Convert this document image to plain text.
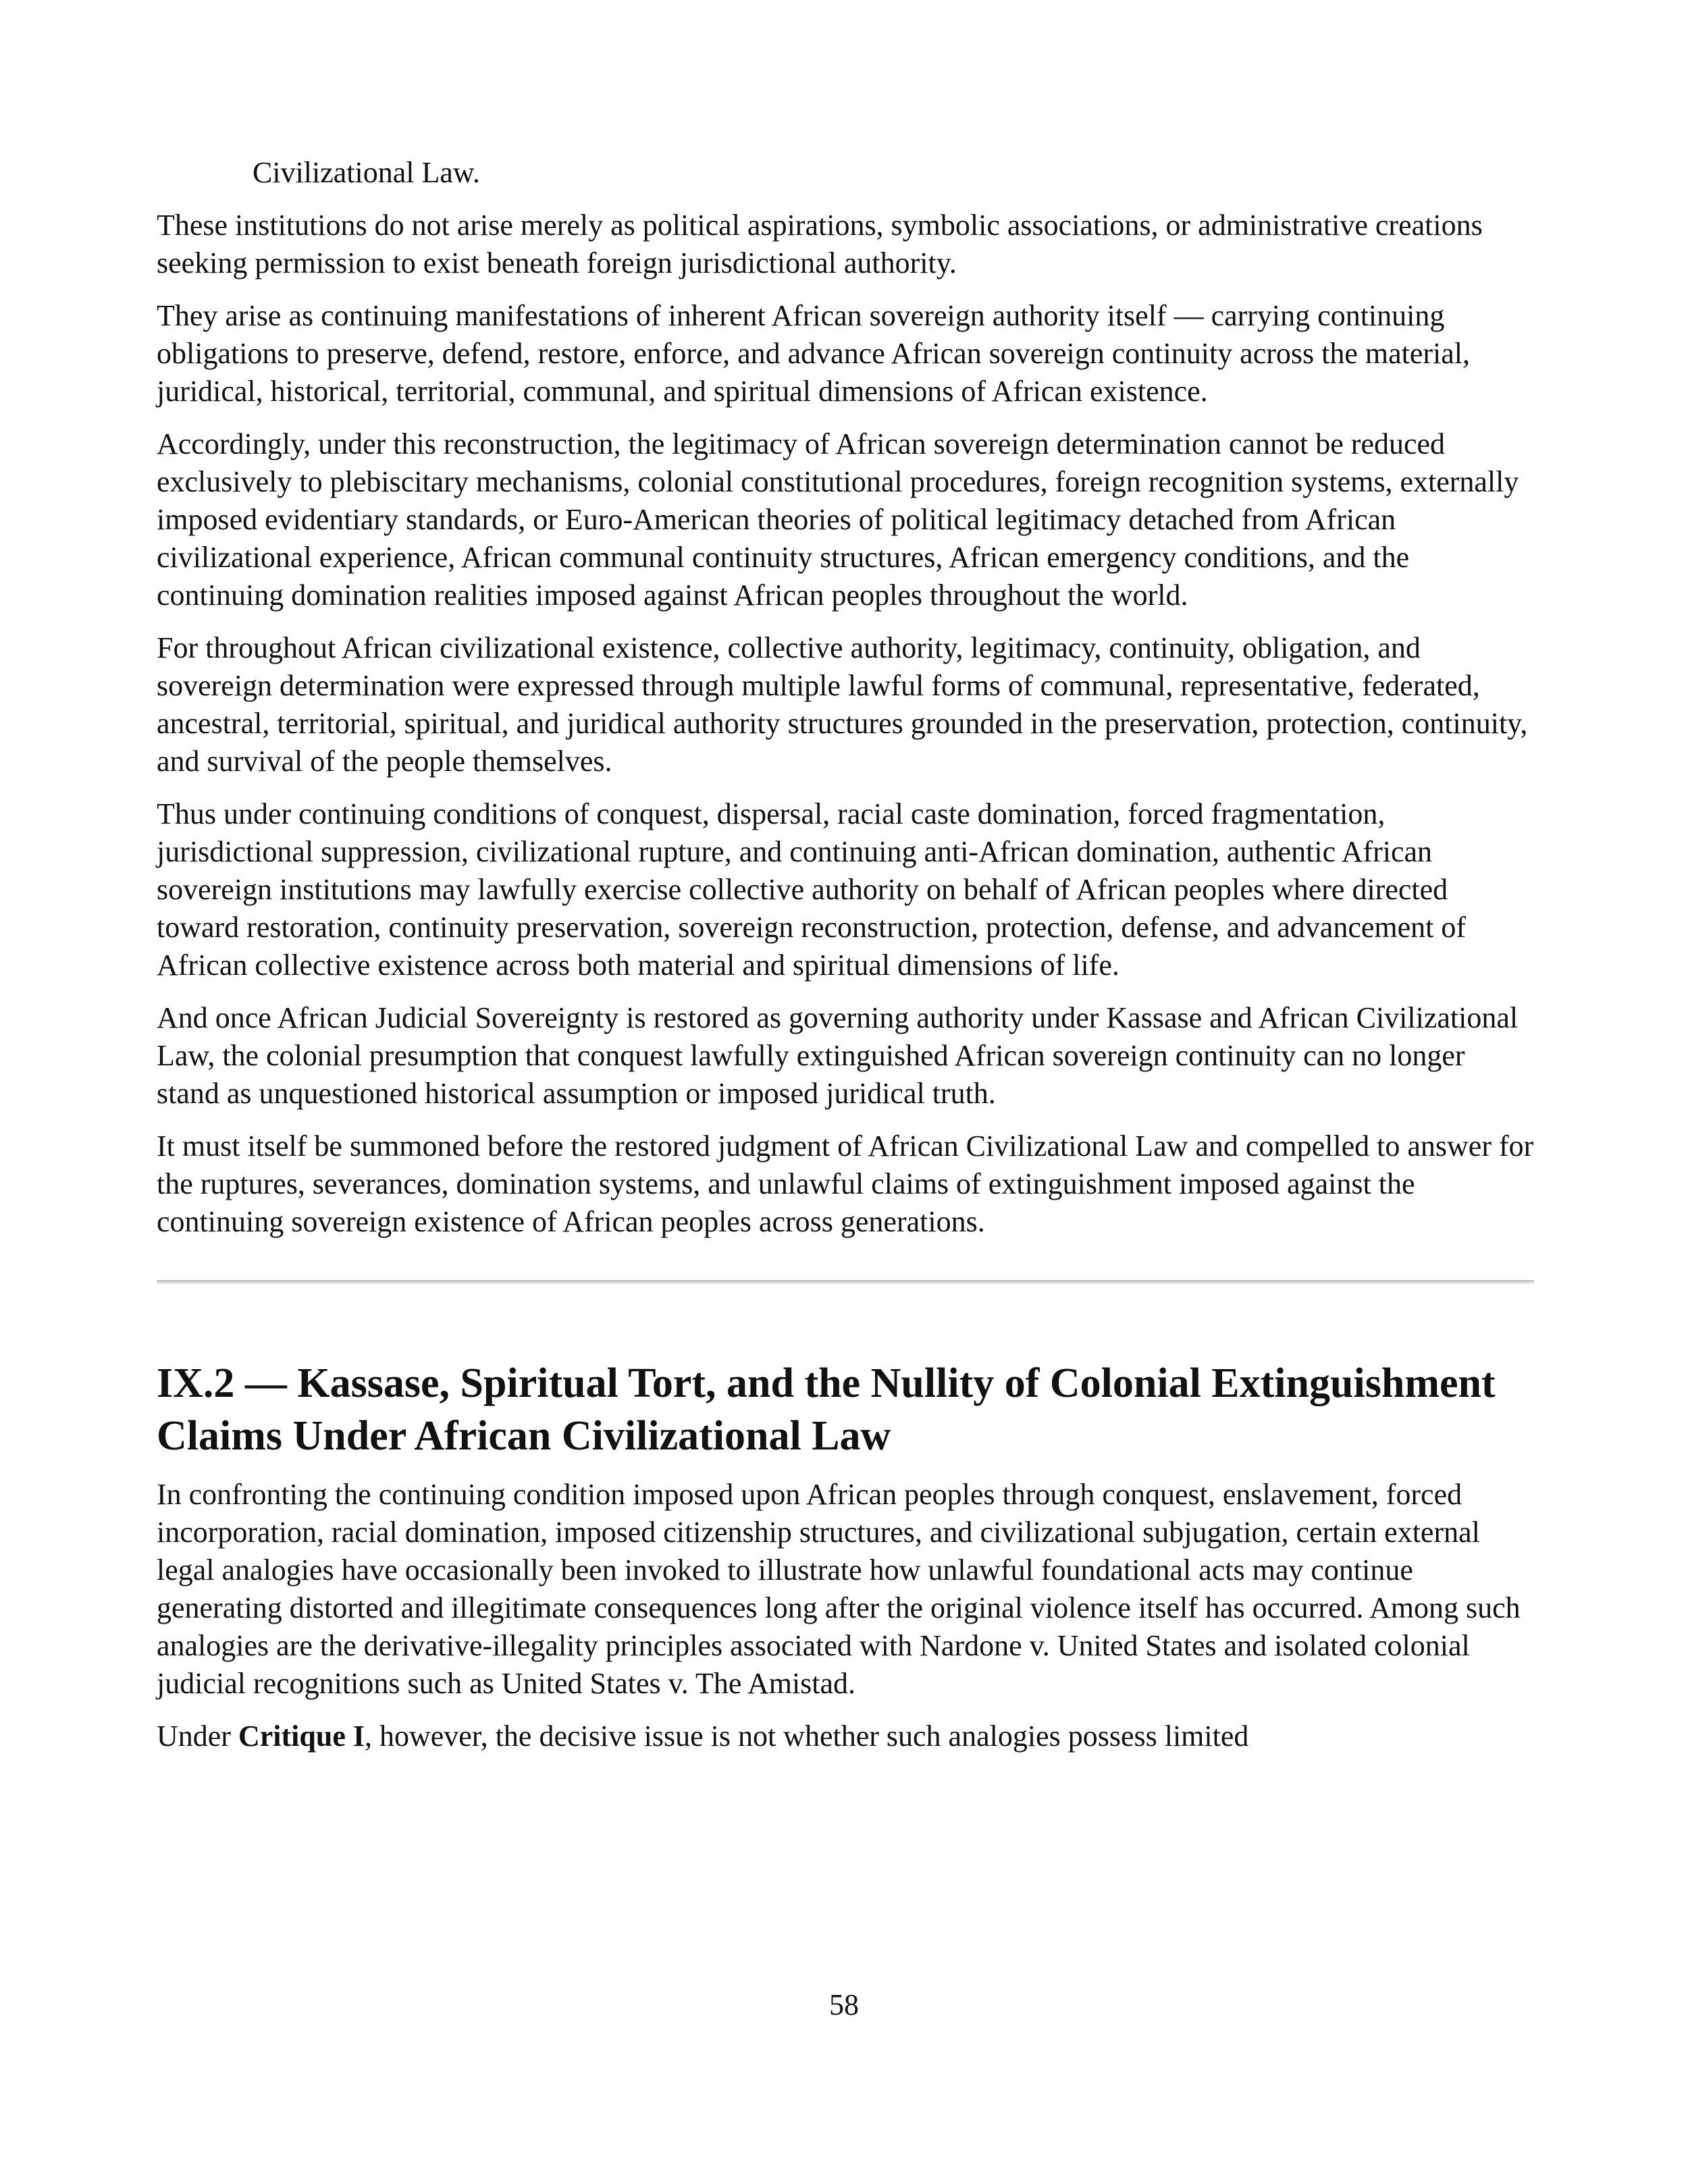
Civilizational Law.

These institutions do not arise merely as political aspirations, symbolic associations, or administrative creations seeking permission to exist beneath foreign jurisdictional authority.

They arise as continuing manifestations of inherent African sovereign authority itself — carrying continuing obligations to preserve, defend, restore, enforce, and advance African sovereign continuity across the material, juridical, historical, territorial, communal, and spiritual dimensions of African existence.

Accordingly, under this reconstruction, the legitimacy of African sovereign determination cannot be reduced exclusively to plebiscitary mechanisms, colonial constitutional procedures, foreign recognition systems, externally imposed evidentiary standards, or Euro-American theories of political legitimacy detached from African civilizational experience, African communal continuity structures, African emergency conditions, and the continuing domination realities imposed against African peoples throughout the world.

For throughout African civilizational existence, collective authority, legitimacy, continuity, obligation, and sovereign determination were expressed through multiple lawful forms of communal, representative, federated, ancestral, territorial, spiritual, and juridical authority structures grounded in the preservation, protection, continuity, and survival of the people themselves.

Thus under continuing conditions of conquest, dispersal, racial caste domination, forced fragmentation, jurisdictional suppression, civilizational rupture, and continuing anti-African domination, authentic African sovereign institutions may lawfully exercise collective authority on behalf of African peoples where directed toward restoration, continuity preservation, sovereign reconstruction, protection, defense, and advancement of African collective existence across both material and spiritual dimensions of life.

And once African Judicial Sovereignty is restored as governing authority under Kassase and African Civilizational Law, the colonial presumption that conquest lawfully extinguished African sovereign continuity can no longer stand as unquestioned historical assumption or imposed juridical truth.

It must itself be summoned before the restored judgment of African Civilizational Law and compelled to answer for the ruptures, severances, domination systems, and unlawful claims of extinguishment imposed against the continuing sovereign existence of African peoples across generations.

IX.2 — Kassase, Spiritual Tort, and the Nullity of Colonial Extinguishment Claims Under African Civilizational Law

In confronting the continuing condition imposed upon African peoples through conquest, enslavement, forced incorporation, racial domination, imposed citizenship structures, and civilizational subjugation, certain external legal analogies have occasionally been invoked to illustrate how unlawful foundational acts may continue generating distorted and illegitimate consequences long after the original violence itself has occurred. Among such analogies are the derivative-illegality principles associated with Nardone v. United States and isolated colonial judicial recognitions such as United States v. The Amistad.

Under Critique I, however, the decisive issue is not whether such analogies possess limited

58
